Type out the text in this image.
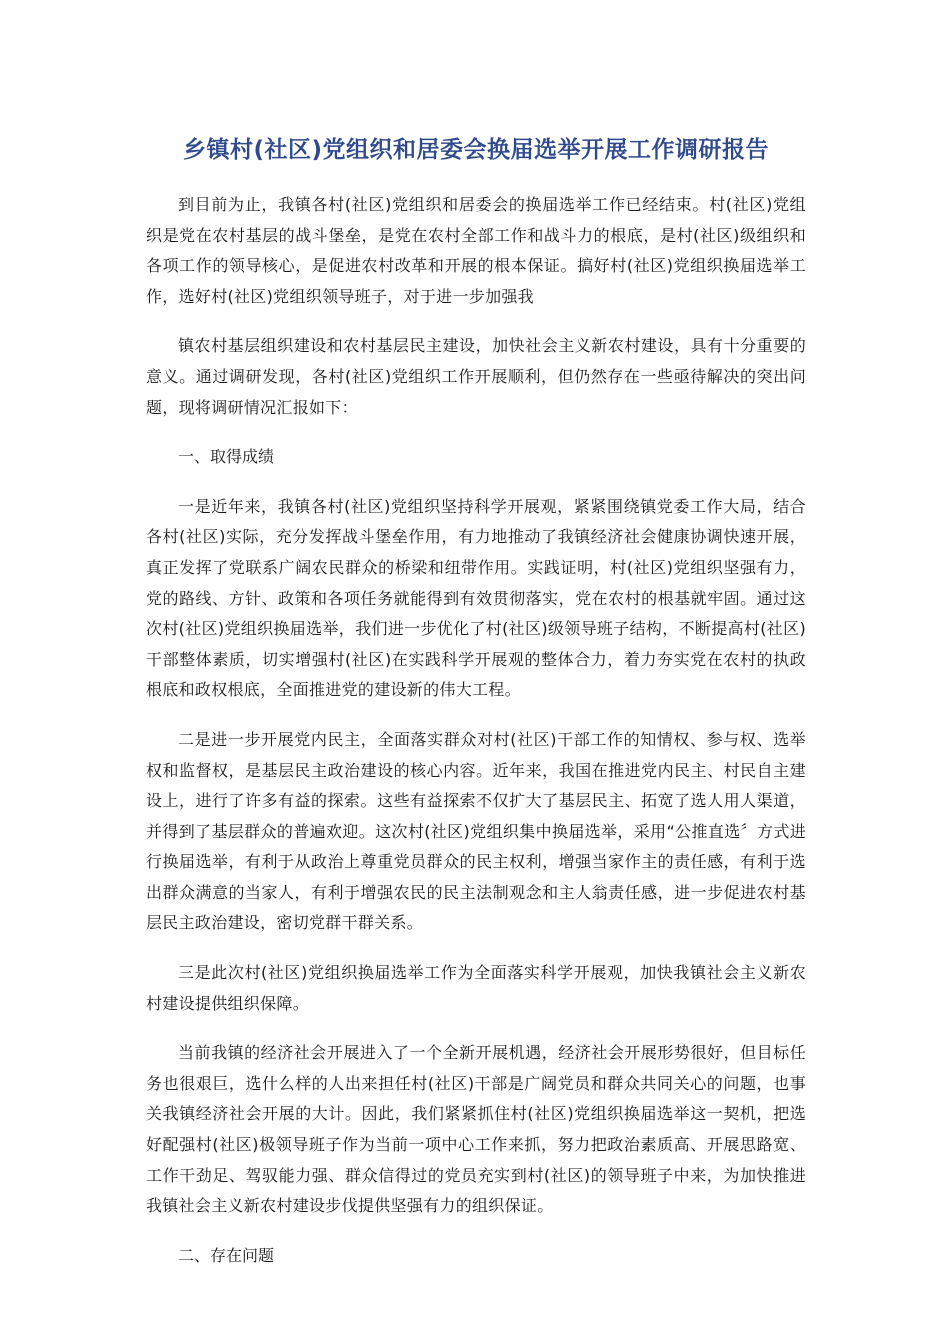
乡镇村(社区)党组织和居委会换届选举开展工作调研报告

到目前为止，我镇各村(社区)党组织和居委会的换届选举工作已经结束。村(社区)党组织是党在农村基层的战斗堡垒，是党在农村全部工作和战斗力的根底，是村(社区)级组织和各项工作的领导核心，是促进农村改革和开展的根本保证。搞好村(社区)党组织换届选举工作，选好村(社区)党组织领导班子，对于进一步加强我

镇农村基层组织建设和农村基层民主建设，加快社会主义新农村建设，具有十分重要的意义。通过调研发现，各村(社区)党组织工作开展顺利，但仍然存在一些亟待解决的突出问题，现将调研情况汇报如下：

一、取得成绩

一是近年来，我镇各村(社区)党组织坚持科学开展观，紧紧围绕镇党委工作大局，结合各村(社区)实际，充分发挥战斗堡垒作用，有力地推动了我镇经济社会健康协调快速开展，真正发挥了党联系广阔农民群众的桥梁和纽带作用。实践证明，村(社区)党组织坚强有力，党的路线、方针、政策和各项任务就能得到有效贯彻落实，党在农村的根基就牢固。通过这次村(社区)党组织换届选举，我们进一步优化了村(社区)级领导班子结构，不断提高村(社区)干部整体素质，切实增强村(社区)在实践科学开展观的整体合力，着力夯实党在农村的执政根底和政权根底，全面推进党的建设新的伟大工程。

二是进一步开展党内民主，全面落实群众对村(社区)干部工作的知情权、参与权、选举权和监督权，是基层民主政治建设的核心内容。近年来，我国在推进党内民主、村民自主建设上，进行了许多有益的探索。这些有益探索不仅扩大了基层民主、拓宽了选人用人渠道，并得到了基层群众的普遍欢迎。这次村(社区)党组织集中换届选举，采用“公推直选〞方式进行换届选举，有利于从政治上尊重党员群众的民主权利，增强当家作主的责任感，有利于选出群众满意的当家人，有利于增强农民的民主法制观念和主人翁责任感，进一步促进农村基层民主政治建设，密切党群干群关系。

三是此次村(社区)党组织换届选举工作为全面落实科学开展观，加快我镇社会主义新农村建设提供组织保障。

当前我镇的经济社会开展进入了一个全新开展机遇，经济社会开展形势很好，但目标任务也很艰巨，选什么样的人出来担任村(社区)干部是广阔党员和群众共同关心的问题，也事关我镇经济社会开展的大计。因此，我们紧紧抓住村(社区)党组织换届选举这一契机，把选好配强村(社区)极领导班子作为当前一项中心工作来抓，努力把政治素质高、开展思路宽、工作干劲足、驾驭能力强、群众信得过的党员充实到村(社区)的领导班子中来，为加快推进我镇社会主义新农村建设步伐提供坚强有力的组织保证。

二、存在问题
